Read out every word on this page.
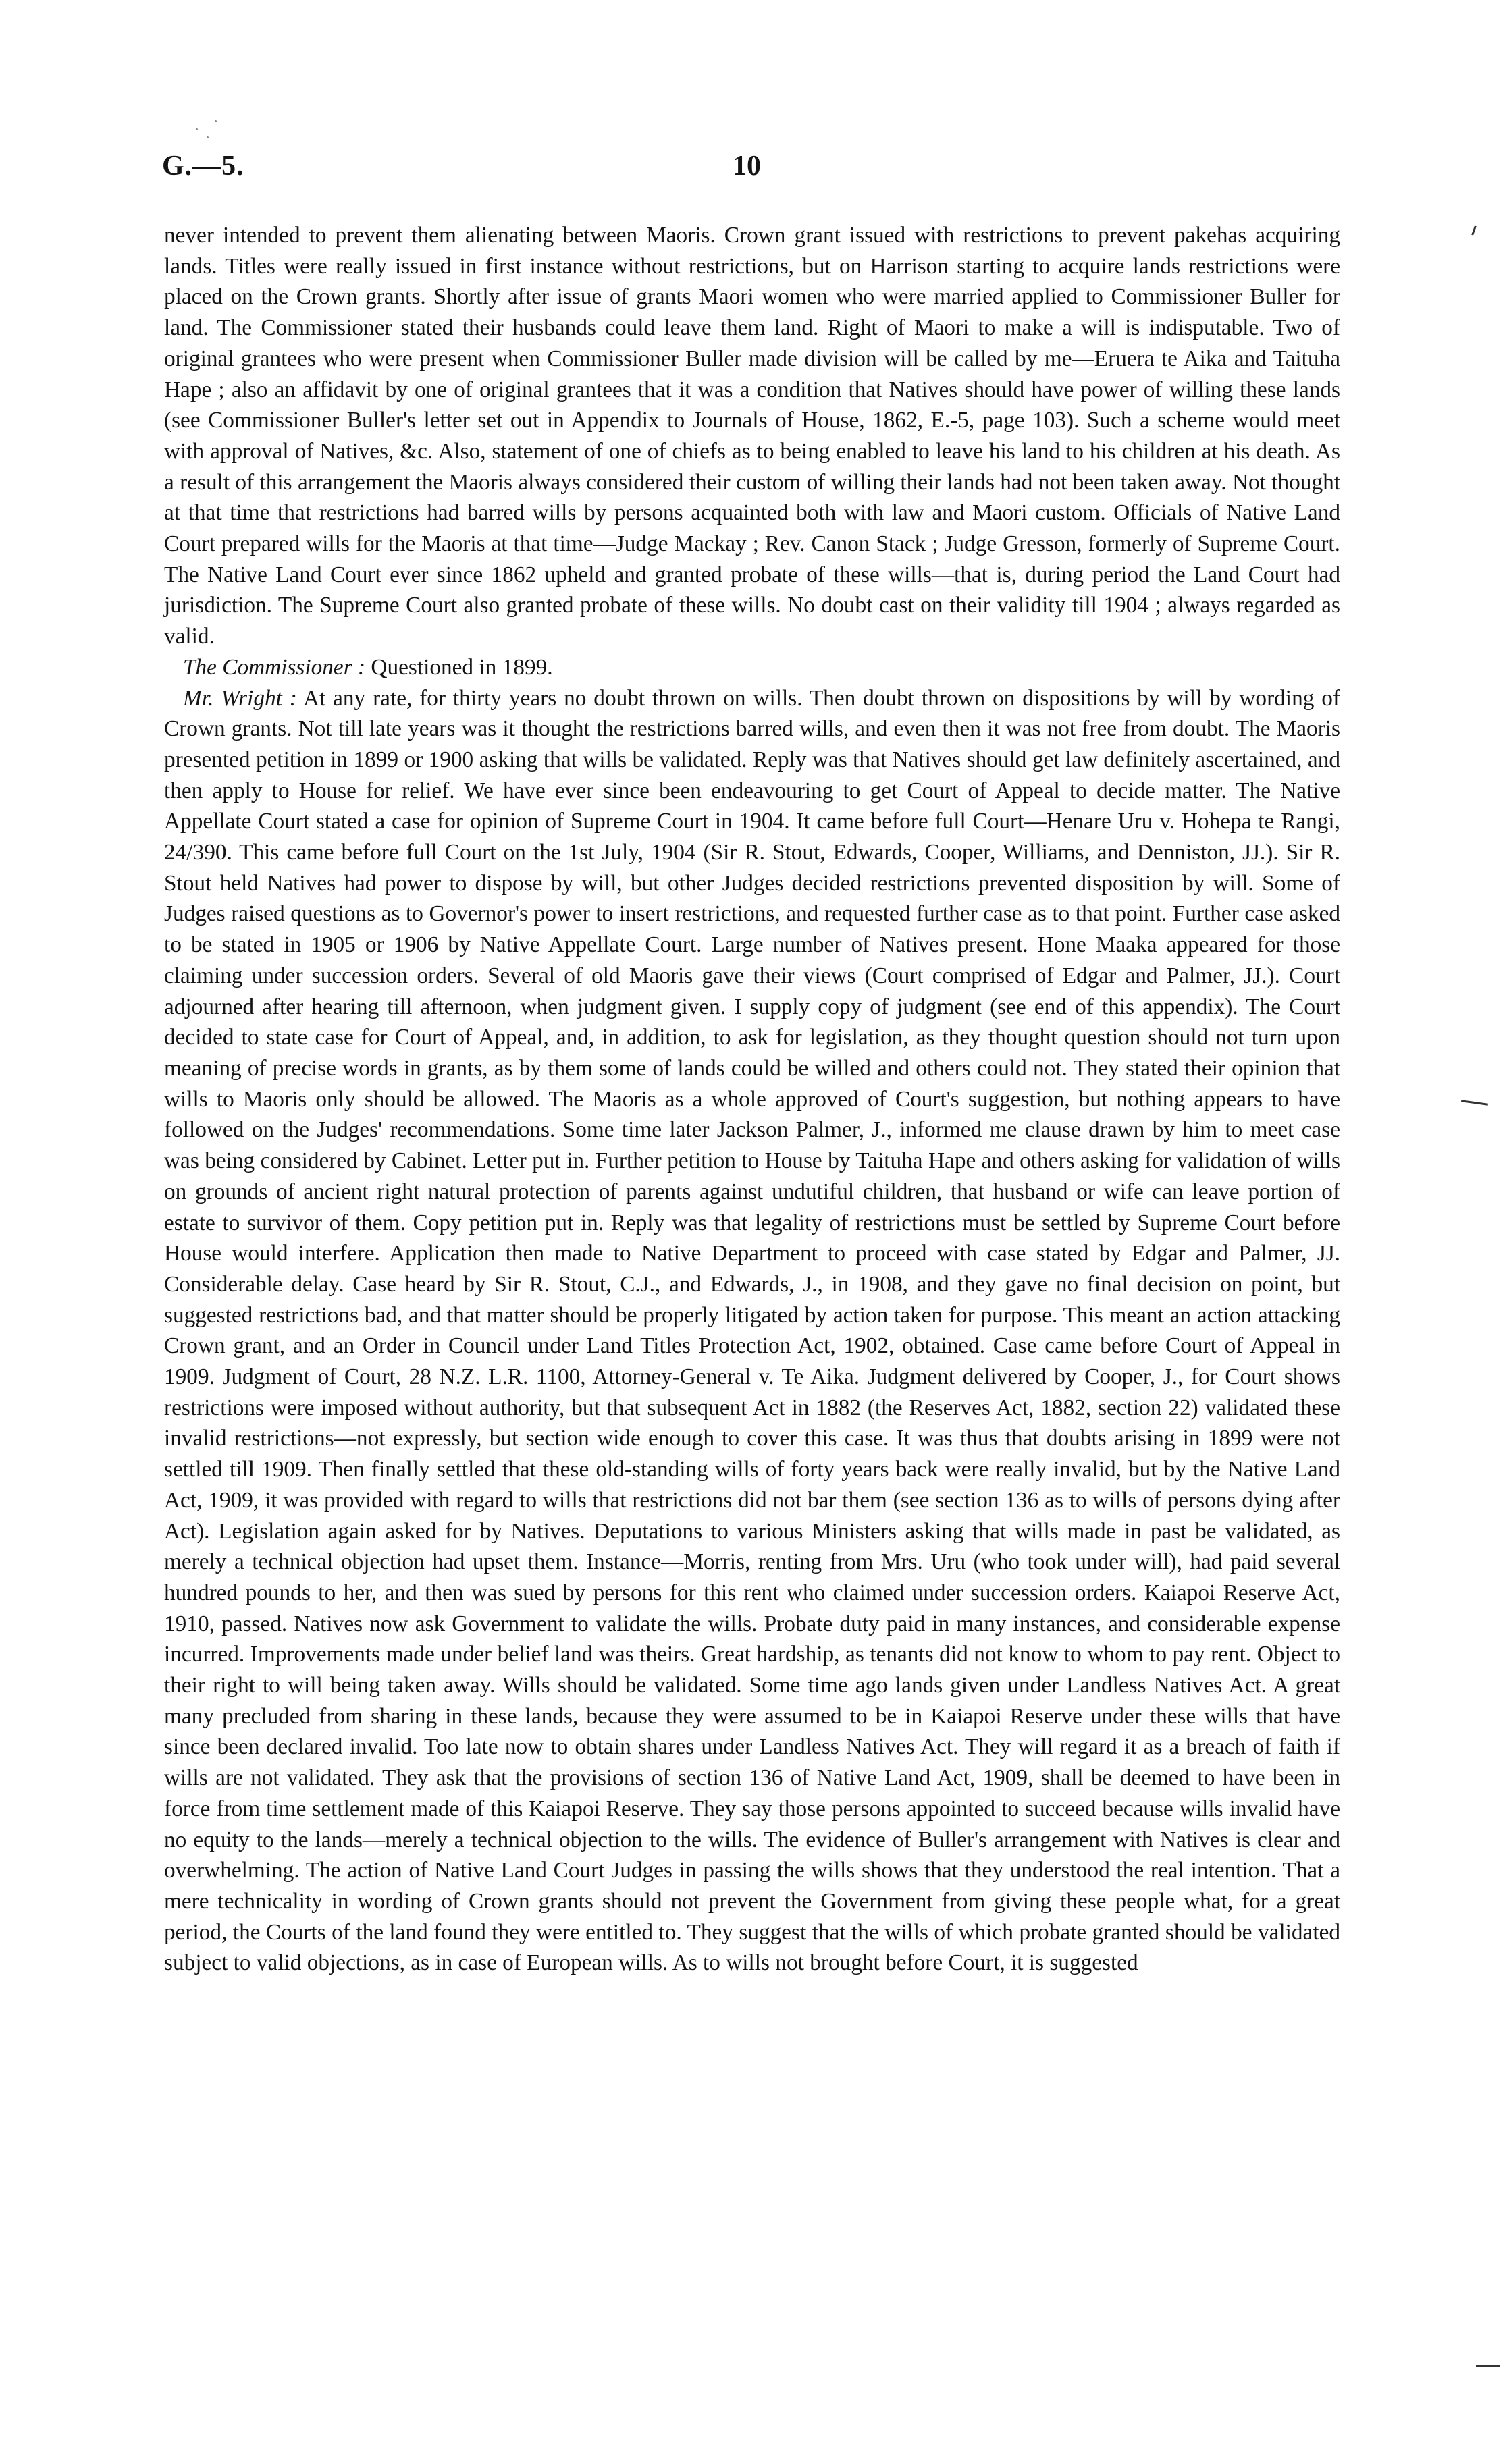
G.—5.	10

never intended to prevent them alienating between Maoris. Crown grant issued with restrictions to prevent pakehas acquiring lands. Titles were really issued in first instance without restrictions, but on Harrison starting to acquire lands restrictions were placed on the Crown grants. Shortly after issue of grants Maori women who were married applied to Commissioner Buller for land. The Commissioner stated their husbands could leave them land. Right of Maori to make a will is indisputable. Two of original grantees who were present when Commissioner Buller made division will be called by me—Eruera te Aika and Taituha Hape ; also an affidavit by one of original grantees that it was a condition that Natives should have power of willing these lands (see Commissioner Buller's letter set out in Appendix to Journals of House, 1862, E.-5, page 103). Such a scheme would meet with approval of Natives, &c. Also, statement of one of chiefs as to being enabled to leave his land to his children at his death. As a result of this arrangement the Maoris always considered their custom of willing their lands had not been taken away. Not thought at that time that restrictions had barred wills by persons acquainted both with law and Maori custom. Officials of Native Land Court prepared wills for the Maoris at that time—Judge Mackay ; Rev. Canon Stack ; Judge Gresson, formerly of Supreme Court. The Native Land Court ever since 1862 upheld and granted probate of these wills—that is, during period the Land Court had jurisdiction. The Supreme Court also granted probate of these wills. No doubt cast on their validity till 1904 ; always regarded as valid.

The Commissioner : Questioned in 1899.

Mr. Wright : At any rate, for thirty years no doubt thrown on wills. Then doubt thrown on dispositions by will by wording of Crown grants. Not till late years was it thought the restrictions barred wills, and even then it was not free from doubt. The Maoris presented petition in 1899 or 1900 asking that wills be validated. Reply was that Natives should get law definitely ascertained, and then apply to House for relief. We have ever since been endeavouring to get Court of Appeal to decide matter. The Native Appellate Court stated a case for opinion of Supreme Court in 1904. It came before full Court—Henare Uru v. Hohepa te Rangi, 24/390. This came before full Court on the 1st July, 1904 (Sir R. Stout, Edwards, Cooper, Williams, and Denniston, JJ.). Sir R. Stout held Natives had power to dispose by will, but other Judges decided restrictions prevented disposition by will. Some of Judges raised questions as to Governor's power to insert restrictions, and requested further case as to that point. Further case asked to be stated in 1905 or 1906 by Native Appellate Court. Large number of Natives present. Hone Maaka appeared for those claiming under succession orders. Several of old Maoris gave their views (Court comprised of Edgar and Palmer, JJ.). Court adjourned after hearing till afternoon, when judgment given. I supply copy of judgment (see end of this appendix). The Court decided to state case for Court of Appeal, and, in addition, to ask for legislation, as they thought question should not turn upon meaning of precise words in grants, as by them some of lands could be willed and others could not. They stated their opinion that wills to Maoris only should be allowed. The Maoris as a whole approved of Court's suggestion, but nothing appears to have followed on the Judges' recommendations. Some time later Jackson Palmer, J., informed me clause drawn by him to meet case was being considered by Cabinet. Letter put in. Further petition to House by Taituha Hape and others asking for validation of wills on grounds of ancient right natural protection of parents against undutiful children, that husband or wife can leave portion of estate to survivor of them. Copy petition put in. Reply was that legality of restrictions must be settled by Supreme Court before House would interfere. Application then made to Native Department to proceed with case stated by Edgar and Palmer, JJ. Considerable delay. Case heard by Sir R. Stout, C.J., and Edwards, J., in 1908, and they gave no final decision on point, but suggested restrictions bad, and that matter should be properly litigated by action taken for purpose. This meant an action attacking Crown grant, and an Order in Council under Land Titles Protection Act, 1902, obtained. Case came before Court of Appeal in 1909. Judgment of Court, 28 N.Z. L.R. 1100, Attorney-General v. Te Aika. Judgment delivered by Cooper, J., for Court shows restrictions were imposed without authority, but that subsequent Act in 1882 (the Reserves Act, 1882, section 22) validated these invalid restrictions—not expressly, but section wide enough to cover this case. It was thus that doubts arising in 1899 were not settled till 1909. Then finally settled that these old-standing wills of forty years back were really invalid, but by the Native Land Act, 1909, it was provided with regard to wills that restrictions did not bar them (see section 136 as to wills of persons dying after Act). Legislation again asked for by Natives. Deputations to various Ministers asking that wills made in past be validated, as merely a technical objection had upset them. Instance—Morris, renting from Mrs. Uru (who took under will), had paid several hundred pounds to her, and then was sued by persons for this rent who claimed under succession orders. Kaiapoi Reserve Act, 1910, passed. Natives now ask Government to validate the wills. Probate duty paid in many instances, and considerable expense incurred. Improvements made under belief land was theirs. Great hardship, as tenants did not know to whom to pay rent. Object to their right to will being taken away. Wills should be validated. Some time ago lands given under Landless Natives Act. A great many precluded from sharing in these lands, because they were assumed to be in Kaiapoi Reserve under these wills that have since been declared invalid. Too late now to obtain shares under Landless Natives Act. They will regard it as a breach of faith if wills are not validated. They ask that the provisions of section 136 of Native Land Act, 1909, shall be deemed to have been in force from time settlement made of this Kaiapoi Reserve. They say those persons appointed to succeed because wills invalid have no equity to the lands—merely a technical objection to the wills. The evidence of Buller's arrangement with Natives is clear and overwhelming. The action of Native Land Court Judges in passing the wills shows that they understood the real intention. That a mere technicality in wording of Crown grants should not prevent the Government from giving these people what, for a great period, the Courts of the land found they were entitled to. They suggest that the wills of which probate granted should be validated subject to valid objections, as in case of European wills. As to wills not brought before Court, it is suggested
